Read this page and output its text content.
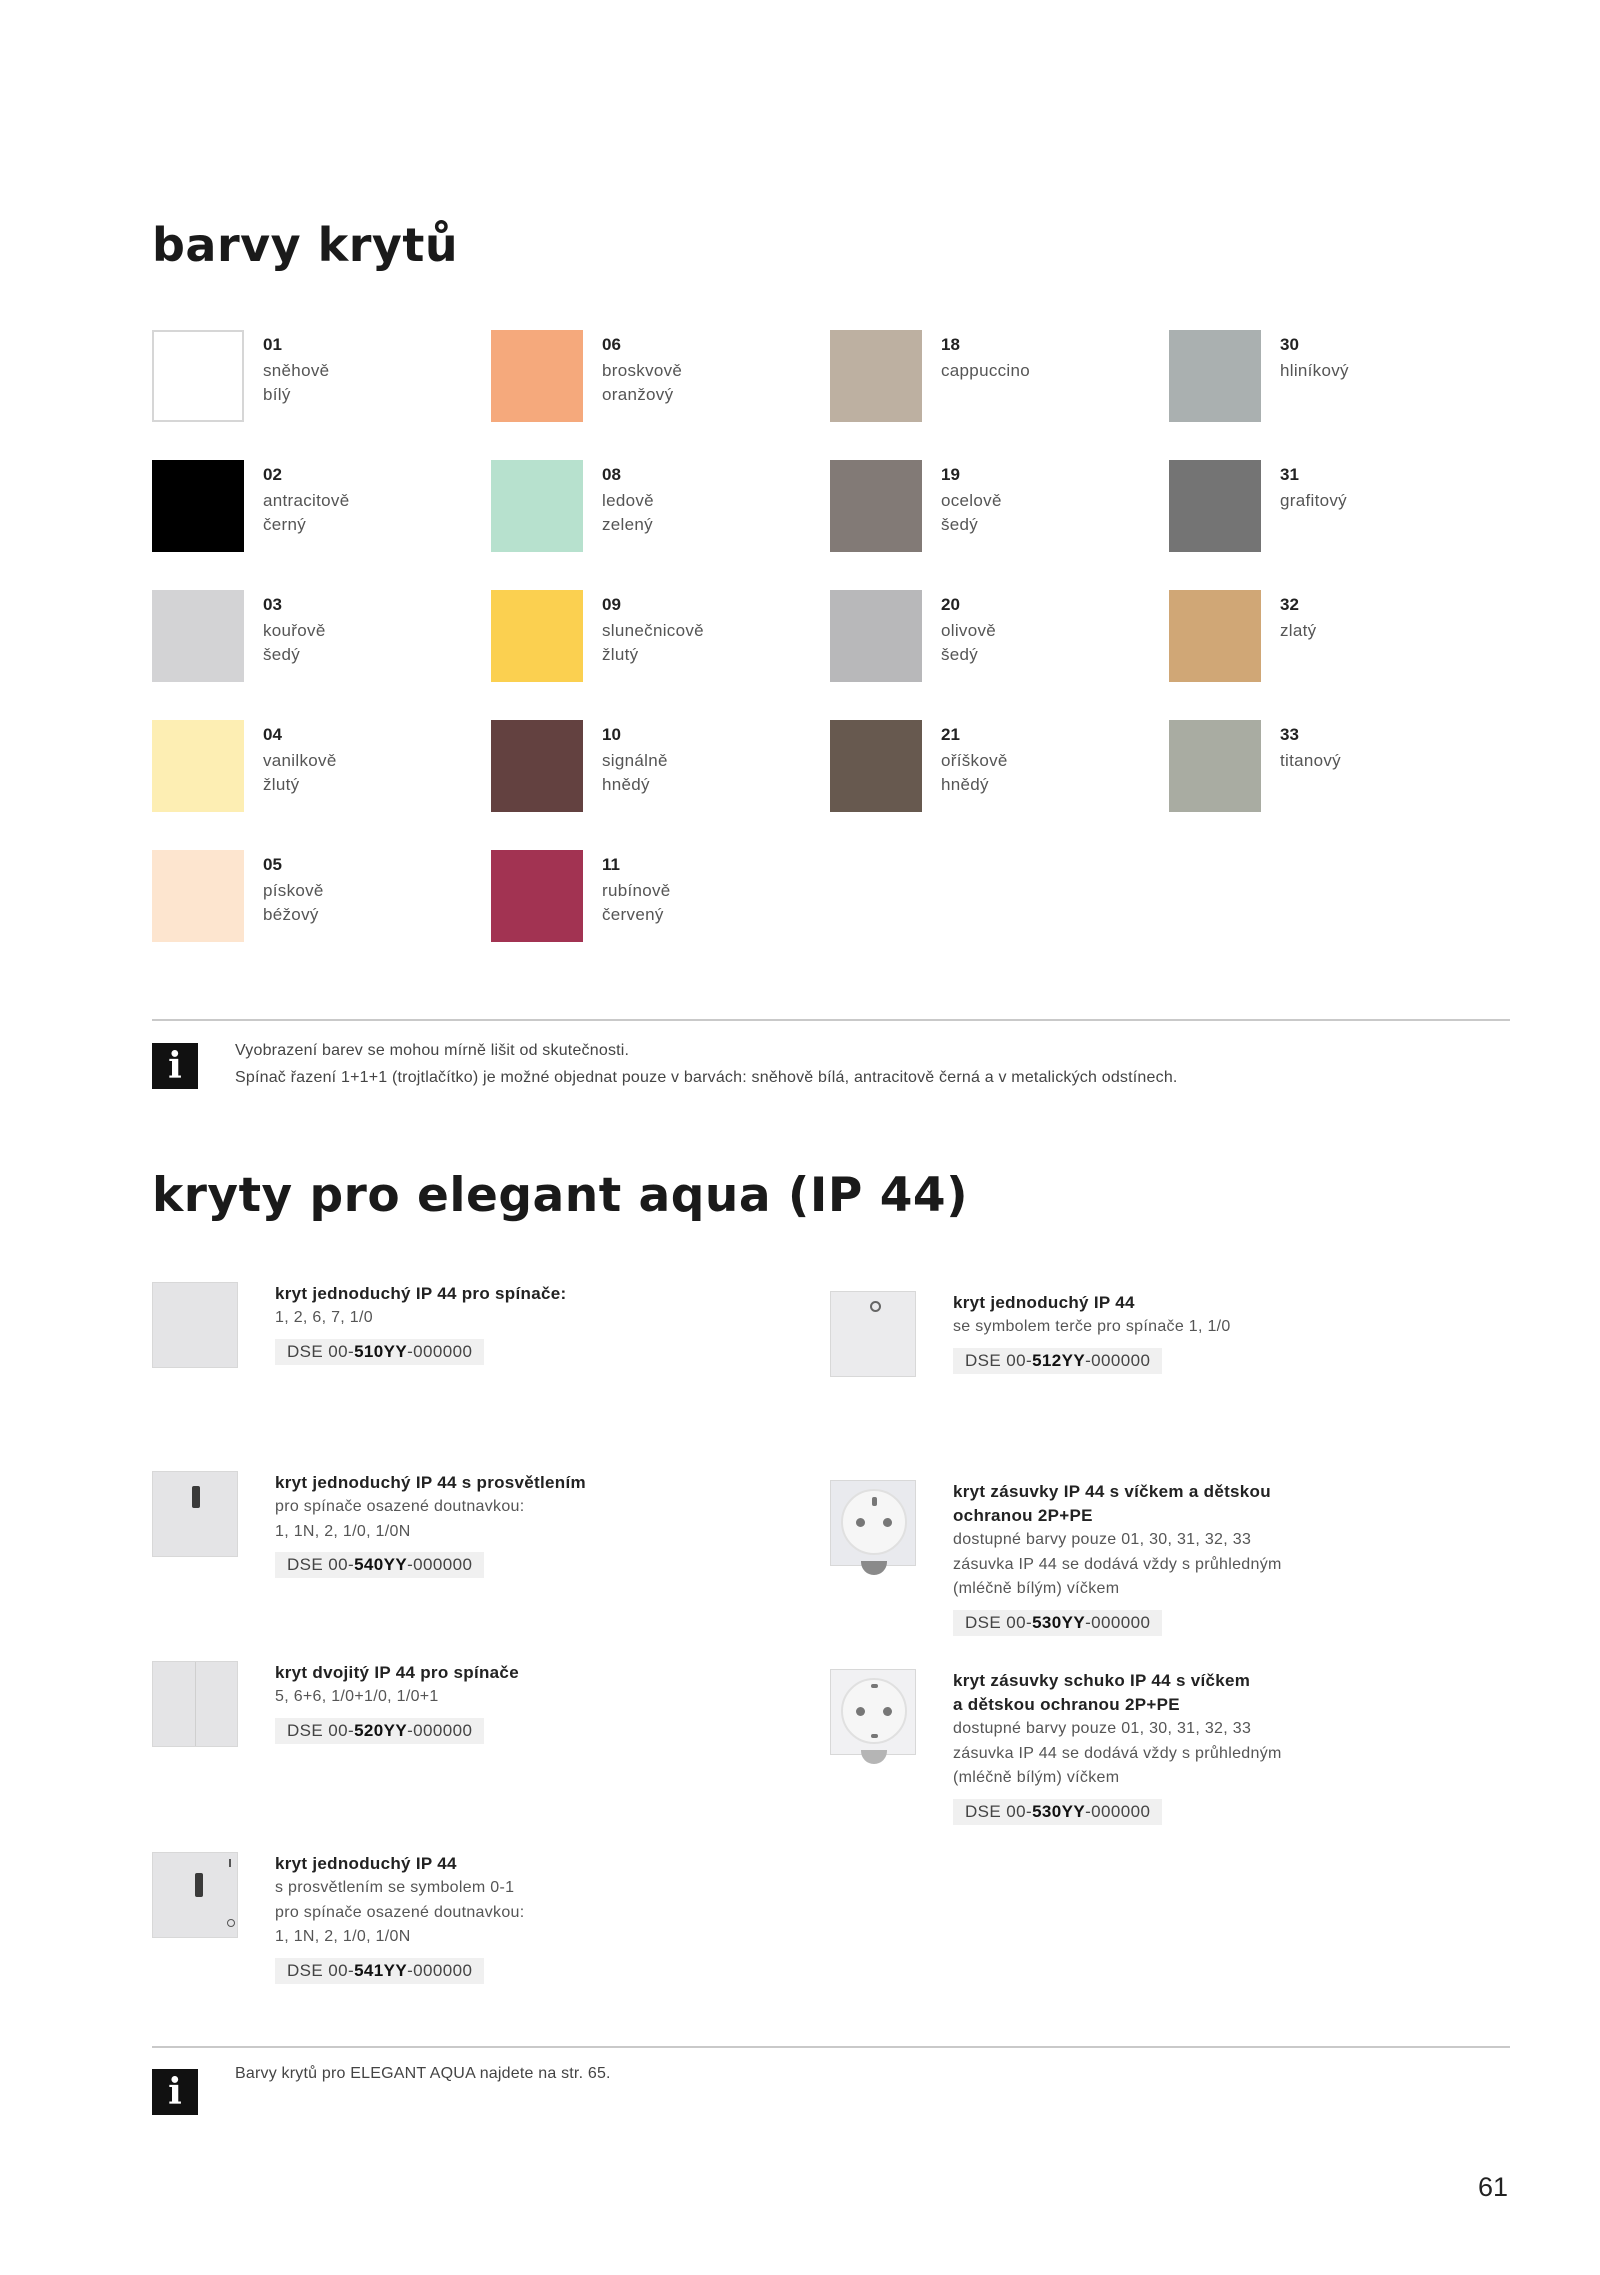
barvy krytů
01
sněhově
bílý
02
antracitově
černý
03
kouřově
šedý
04
vanilkově
žlutý
05
pískově
béžový
06
broskvově
oranžový
08
ledově
zelený
09
slunečnicově
žlutý
10
signálně
hnědý
11
rubínově
červený
18
cappuccino
19
ocelově
šedý
20
olivově
šedý
21
oříškově
hnědý
30
hliníkový
31
grafitový
32
zlatý
33
titanový
i	Vyobrazení barev se mohou mírně lišit od skutečnosti.
Spínač řazení 1+1+1 (trojtlačítko) je možné objednat pouze v barvách: sněhově bílá, antracitově černá a v metalických odstínech.
kryty pro elegant aqua (IP 44)
kryt jednoduchý IP 44 pro spínače:
1, 2, 6, 7, 1/0
DSE 00-510YY-000000
kryt jednoduchý IP 44 s prosvětlením
pro spínače osazené doutnavkou:
1, 1N, 2, 1/0, 1/0N
DSE 00-540YY-000000
kryt dvojitý IP 44 pro spínače
5, 6+6, 1/0+1/0, 1/0+1
DSE 00-520YY-000000
kryt jednoduchý IP 44
s prosvětlením se symbolem 0-1
pro spínače osazené doutnavkou:
1, 1N, 2, 1/0, 1/0N
DSE 00-541YY-000000
kryt jednoduchý IP 44
se symbolem terče pro spínače 1, 1/0
DSE 00-512YY-000000
kryt zásuvky IP 44 s víčkem a dětskou
ochranou 2P+PE
dostupné barvy pouze 01, 30, 31, 32, 33
zásuvka IP 44 se dodává vždy s průhledným
(mléčně bílým) víčkem
DSE 00-530YY-000000
kryt zásuvky schuko IP 44 s víčkem
a dětskou ochranou 2P+PE
dostupné barvy pouze 01, 30, 31, 32, 33
zásuvka IP 44 se dodává vždy s průhledným
(mléčně bílým) víčkem
DSE 00-530YY-000000
i	Barvy krytů pro ELEGANT AQUA najdete na str. 65.
61
